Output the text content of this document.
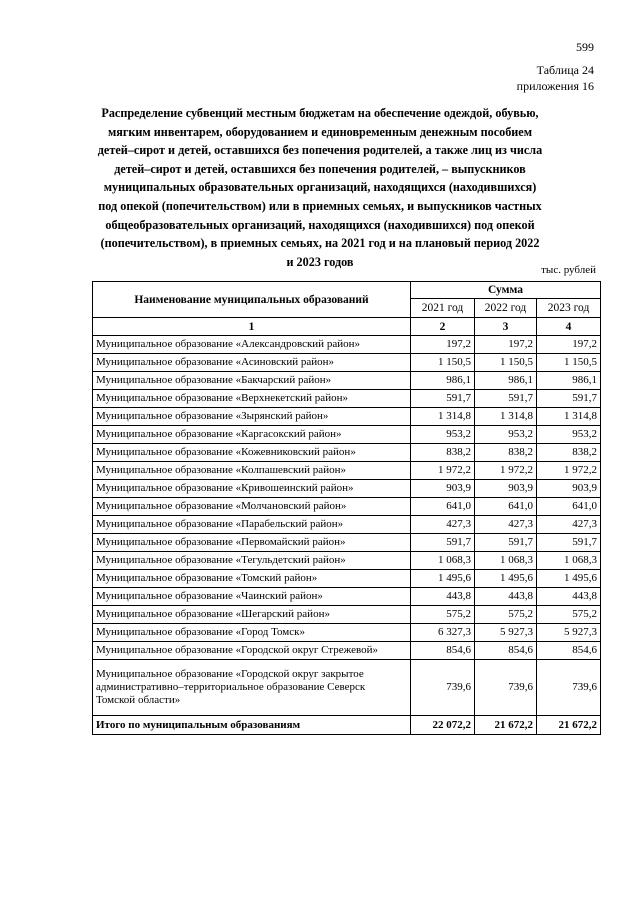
599
Таблица 24
приложения 16
Распределение субвенций местным бюджетам на обеспечение одеждой, обувью, мягким инвентарем, оборудованием и единовременным денежным пособием детей–сирот и детей, оставшихся без попечения родителей, а также лиц из числа детей–сирот и детей, оставшихся без попечения родителей, – выпускников муниципальных образовательных организаций, находящихся (находившихся) под опекой (попечительством) или в приемных семьях, и выпускников частных общеобразовательных организаций, находящихся (находившихся) под опекой (попечительством), в приемных семьях, на 2021 год и на плановый период 2022 и 2023 годов
тыс. рублей
Наименование муниципальных образований	Сумма		
	2021 год	2022 год	2023 год
1	2	3	4
Муниципальное образование «Александровский район»	197,2	197,2	197,2
Муниципальное образование «Асиновский район»	1 150,5	1 150,5	1 150,5
Муниципальное образование «Бакчарский район»	986,1	986,1	986,1
Муниципальное образование «Верхнекетский район»	591,7	591,7	591,7
Муниципальное образование «Зырянский район»	1 314,8	1 314,8	1 314,8
Муниципальное образование «Каргасокский район»	953,2	953,2	953,2
Муниципальное образование «Кожевниковский район»	838,2	838,2	838,2
Муниципальное образование «Колпашевский район»	1 972,2	1 972,2	1 972,2
Муниципальное образование «Кривошеинский район»	903,9	903,9	903,9
Муниципальное образование «Молчановский район»	641,0	641,0	641,0
Муниципальное образование «Парабельский район»	427,3	427,3	427,3
Муниципальное образование «Первомайский район»	591,7	591,7	591,7
Муниципальное образование «Тегульдетский район»	1 068,3	1 068,3	1 068,3
Муниципальное образование «Томский район»	1 495,6	1 495,6	1 495,6
Муниципальное образование «Чаинский район»	443,8	443,8	443,8
Муниципальное образование «Шегарский район»	575,2	575,2	575,2
Муниципальное образование «Город Томск»	6 327,3	5 927,3	5 927,3
Муниципальное образование «Городской округ Стрежевой»	854,6	854,6	854,6
Муниципальное образование «Городской округ закрытое административно–территориальное образование Северск Томской области»	739,6	739,6	739,6
Итого по муниципальным образованиям	22 072,2	21 672,2	21 672,2
